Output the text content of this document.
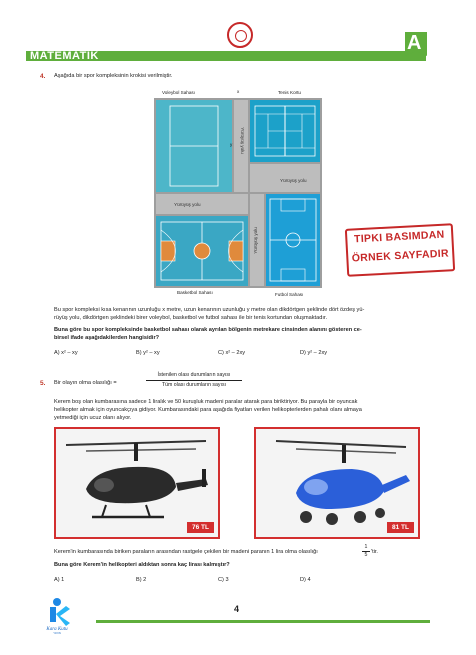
MATEMATİK
A
4. Aşağıda bir spor kompleksinin krokisi verilmiştir.
Yürüyüş yolu
Yürüyüş yolu
Yürüyüş yolu
Yürüyüş yolu
Voleybol Sahası	x
y
Tenis Kortu
Basketbol Sahası	Futbol Sahası
TIPKI BASIMDAN
ÖRNEK SAYFADIR
Bu spor kompleksi kısa kenarının uzunluğu x metre, uzun kenarının uzunluğu y metre olan dikdörtgen şeklinde dört özdeş yü-
rüyüş yolu, dikdörtgen şeklindeki birer voleybol, basketbol ve futbol sahası ile bir tenis kortundan oluşmaktadır.
Buna göre bu spor kompleksinde basketbol sahası olarak ayrılan bölgenin metrekare cinsinden alanını gösteren ce-
birsel ifade aşağıdakilerden hangisidir?
A) x² – xy	B) y² – xy	C) x² – 2xy	D) y² – 2xy
5. Bir olayın olma olasılığı =
İstenilen olası durumların sayısı
Tüm olası durumların sayısı
Kerem boş olan kumbarasına sadece 1 liralık ve 50 kuruşluk madeni paralar atarak para biriktiriyor. Bu parayla bir oyuncak
helikopter almak için oyuncakçıya gidiyor. Kumbarasındaki para aşağıda fiyatları verilen helikopterlerden pahalı olanı almaya
yetmediği için ucuz olanı alıyor.
76 TL	81 TL
Kerem'in kumbarasında biriken paraların arasından rastgele çekilen bir madeni paranın 1 lira olma olasılığı
1
5 'tir.
Buna göre Kerem'in helikopteri aldıktan sonra kaç lirası kalmıştır?
A) 1	B) 2	C) 3	D) 4
Kara Kutu
YAYIN
4
